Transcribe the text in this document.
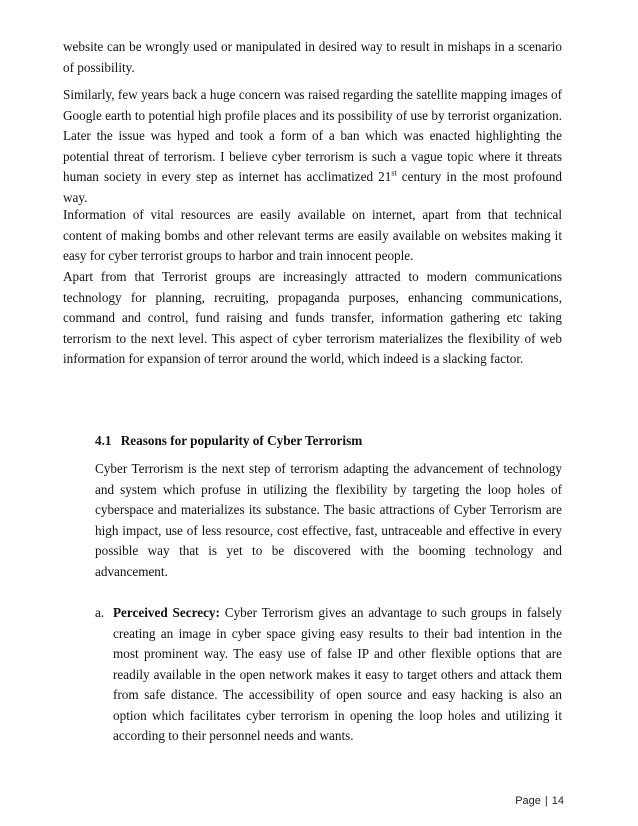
website can be wrongly used or manipulated in desired way to result in mishaps in a scenario of possibility.

Similarly, few years back a huge concern was raised regarding the satellite mapping images of Google earth to potential high profile places and its possibility of use by terrorist organization. Later the issue was hyped and took a form of a ban which was enacted highlighting the potential threat of terrorism. I believe cyber terrorism is such a vague topic where it threats human society in every step as internet has acclimatized 21st century in the most profound way.

Information of vital resources are easily available on internet, apart from that technical content of making bombs and other relevant terms are easily available on websites making it easy for cyber terrorist groups to harbor and train innocent people.

Apart from that Terrorist groups are increasingly attracted to modern communications technology for planning, recruiting, propaganda purposes, enhancing communications, command and control, fund raising and funds transfer, information gathering etc taking terrorism to the next level. This aspect of cyber terrorism materializes the flexibility of web information for expansion of terror around the world, which indeed is a slacking factor.

4.1 Reasons for popularity of Cyber Terrorism

Cyber Terrorism is the next step of terrorism adapting the advancement of technology and system which profuse in utilizing the flexibility by targeting the loop holes of cyberspace and materializes its substance. The basic attractions of Cyber Terrorism are high impact, use of less resource, cost effective, fast, untraceable and effective in every possible way that is yet to be discovered with the booming technology and advancement.

a. Perceived Secrecy: Cyber Terrorism gives an advantage to such groups in falsely creating an image in cyber space giving easy results to their bad intention in the most prominent way. The easy use of false IP and other flexible options that are readily available in the open network makes it easy to target others and attack them from safe distance. The accessibility of open source and easy hacking is also an option which facilitates cyber terrorism in opening the loop holes and utilizing it according to their personnel needs and wants.
Page | 14
